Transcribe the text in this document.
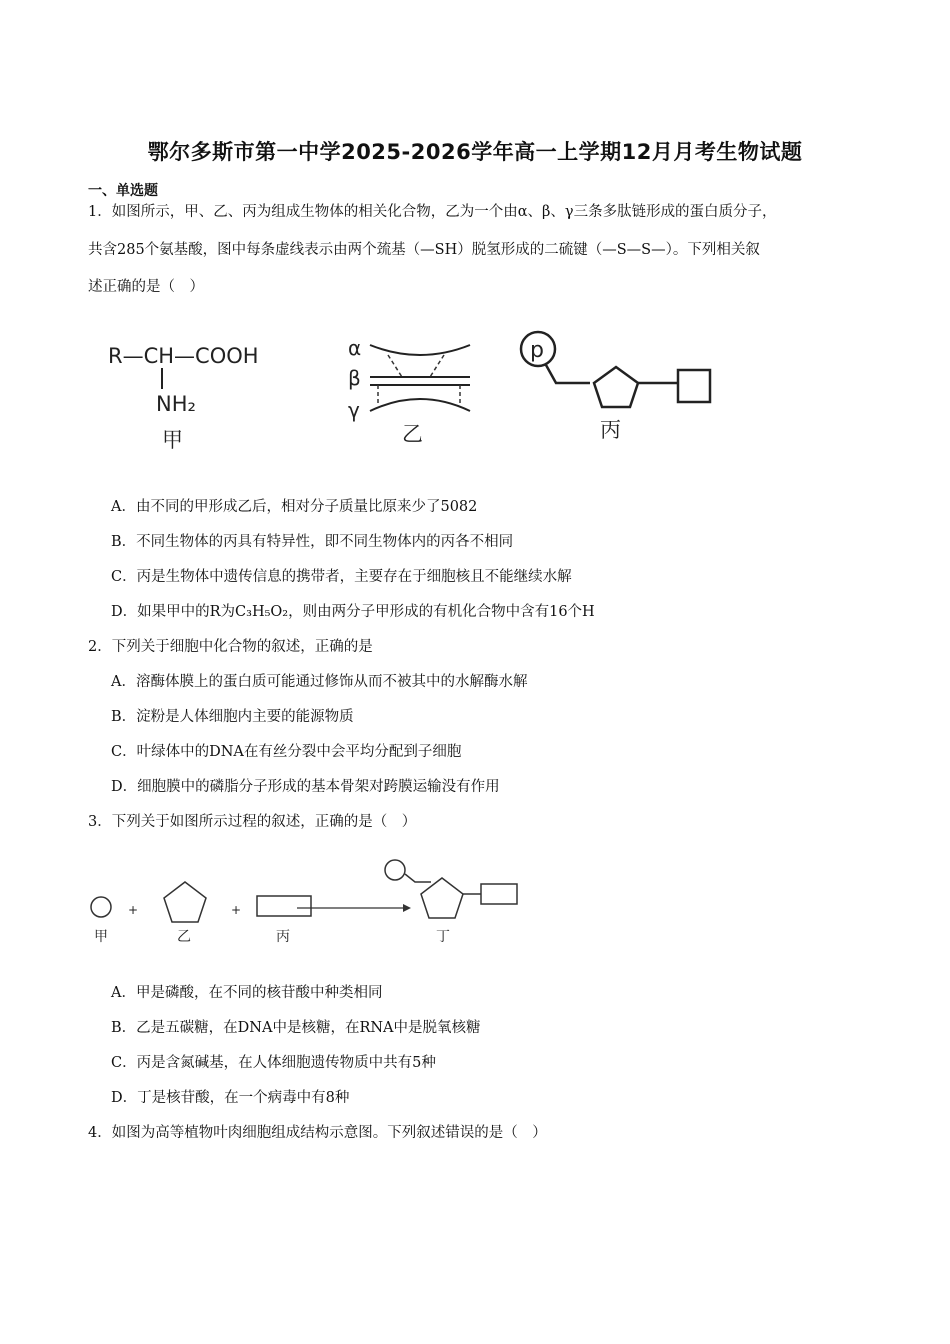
鄂尔多斯市第一中学2025-2026学年高一上学期12月月考生物试题
一、单选题
1．如图所示，甲、乙、丙为组成生物体的相关化合物，乙为一个由α、β、γ三条多肽链形成的蛋白质分子，
共含285个氨基酸，图中每条虚线表示由两个巯基（—SH）脱氢形成的二硫键（—S—S—）。下列相关叙
述正确的是（　）
R—CH—COOH
NH₂
甲
α
β
γ
乙
p
丙
A．由不同的甲形成乙后，相对分子质量比原来少了5082
B．不同生物体的丙具有特异性，即不同生物体内的丙各不相同
C．丙是生物体中遗传信息的携带者，主要存在于细胞核且不能继续水解
D．如果甲中的R为C₃H₅O₂，则由两分子甲形成的有机化合物中含有16个H
2．下列关于细胞中化合物的叙述，正确的是
A．溶酶体膜上的蛋白质可能通过修饰从而不被其中的水解酶水解
B．淀粉是人体细胞内主要的能源物质
C．叶绿体中的DNA在有丝分裂中会平均分配到子细胞
D．细胞膜中的磷脂分子形成的基本骨架对跨膜运输没有作用
3．下列关于如图所示过程的叙述，正确的是（　）
甲
+
乙
+
丙	丁
A．甲是磷酸，在不同的核苷酸中种类相同
B．乙是五碳糖，在DNA中是核糖，在RNA中是脱氧核糖
C．丙是含氮碱基，在人体细胞遗传物质中共有5种
D．丁是核苷酸，在一个病毒中有8种
4．如图为高等植物叶肉细胞组成结构示意图。下列叙述错误的是（　）
